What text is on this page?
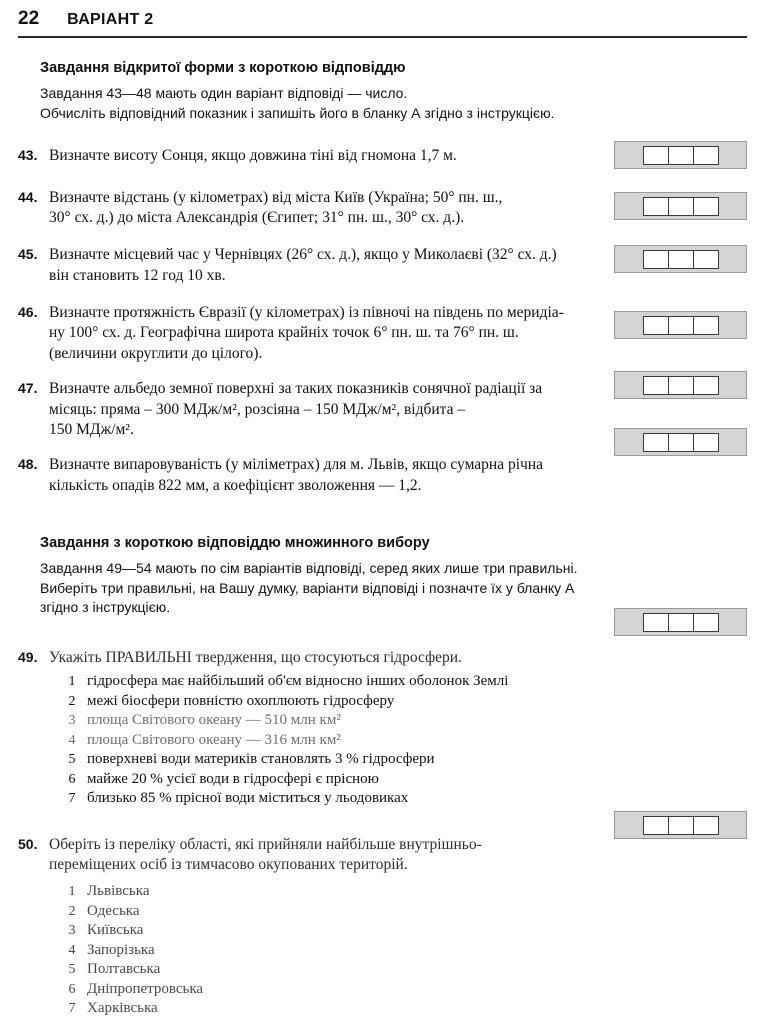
22 ВАРІАНТ 2
Завдання відкритої форми з короткою відповіддю
Завдання 43—48 мають один варіант відповіді — число.
Обчисліть відповідний показник і запишіть його в бланку А згідно з інструкцією.
43. Визначте висоту Сонця, якщо довжина тіні від гномона 1,7 м.
44. Визначте відстань (у кілометрах) від міста Київ (Україна; 50° пн. ш.,
30° сх. д.) до міста Александрія (Єгипет; 31° пн. ш., 30° сх. д.).
45. Визначте місцевий час у Чернівцях (26° сх. д.), якщо у Миколаєві (32° сх. д.)
він становить 12 год 10 хв.
46. Визначте протяжність Євразії (у кілометрах) із півночі на південь по меридіа-
ну 100° сх. д. Географічна широта крайніх точок 6° пн. ш. та 76° пн. ш.
(величини округлити до цілого).
47. Визначте альбедо земної поверхні за таких показників сонячної радіації за
місяць: пряма – 300 МДж/м², розсіяна – 150 МДж/м², відбита –
150 МДж/м².
48. Визначте випаровуваність (у міліметрах) для м. Львів, якщо сумарна річна
кількість опадів 822 мм, а коефіцієнт зволоження — 1,2.
Завдання з короткою відповіддю множинного вибору
Завдання 49—54 мають по сім варіантів відповіді, серед яких лише три правильні.
Виберіть три правильні, на Вашу думку, варіанти відповіді і позначте їх у бланку А
згідно з інструкцією.
49. Укажіть ПРАВИЛЬНІ твердження, що стосуються гідросфери.
1 гідросфера має найбільший об'єм відносно інших оболонок Землі
2 межі біосфери повністю охоплюють гідросферу
3 площа Світового океану — 510 млн км²
4 площа Світового океану — 316 млн км²
5 поверхневі води материків становлять 3 % гідросфери
6 майже 20 % усієї води в гідросфері є прісною
7 близько 85 % прісної води міститься у льодовиках
50. Оберіть із переліку області, які прийняли найбільше внутрішньо-
переміщених осіб із тимчасово окупованих територій.
1 Львівська
2 Одеська
3 Київська
4 Запорізька
5 Полтавська
6 Дніпропетровська
7 Харківська
